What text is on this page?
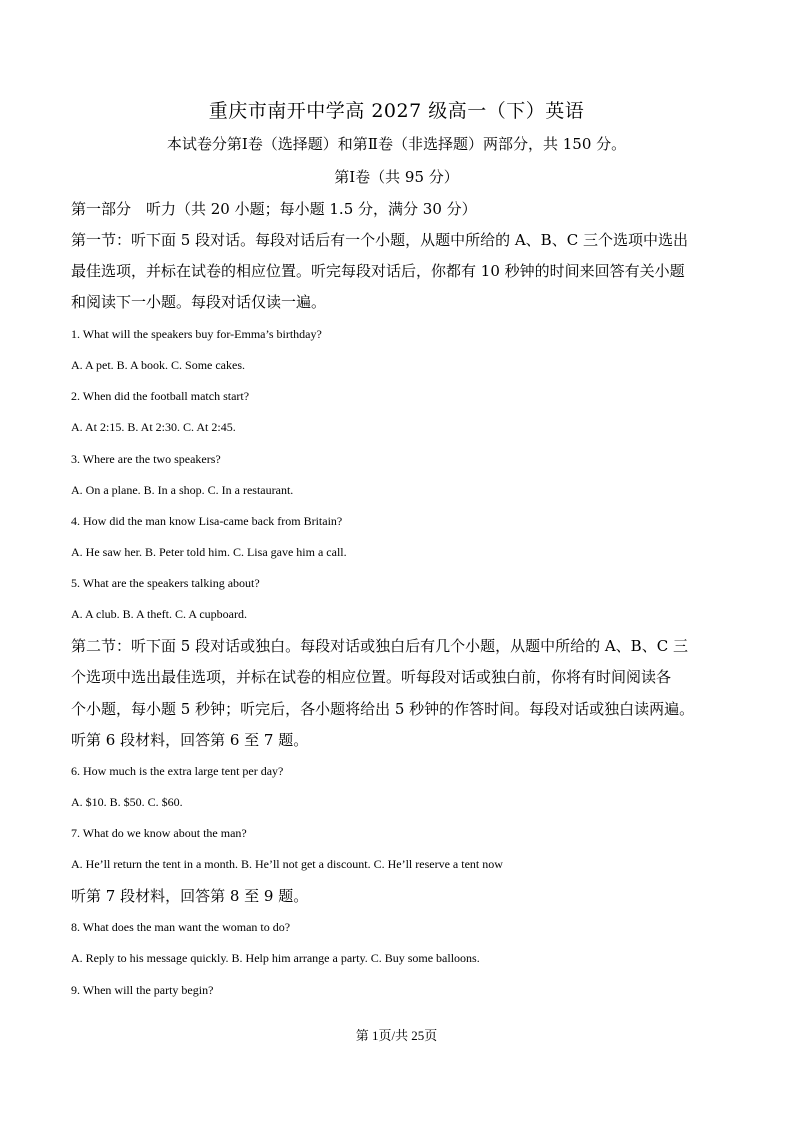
重庆市南开中学高 2027 级高一（下）英语
本试卷分第Ⅰ卷（选择题）和第Ⅱ卷（非选择题）两部分，共 150 分。
第Ⅰ卷（共 95 分）
第一部分　听力（共 20 小题；每小题 1.5 分，满分 30 分）
第一节：听下面 5 段对话。每段对话后有一个小题，从题中所给的 A、B、C 三个选项中选出
最佳选项，并标在试卷的相应位置。听完每段对话后，你都有 10 秒钟的时间来回答有关小题
和阅读下一小题。每段对话仅读一遍。
1. What will the speakers buy for-Emma’s birthday?
A. A pet. B. A book. C. Some cakes.
2. When did the football match start?
A. At 2:15. B. At 2:30. C. At 2:45.
3. Where are the two speakers?
A. On a plane. B. In a shop. C. In a restaurant.
4. How did the man know Lisa-came back from Britain?
A. He saw her. B. Peter told him. C. Lisa gave him a call.
5. What are the speakers talking about?
A. A club. B. A theft. C. A cupboard.
第二节：听下面 5 段对话或独白。每段对话或独白后有几个小题，从题中所给的 A、B、C 三
个选项中选出最佳选项，并标在试卷的相应位置。听每段对话或独白前，你将有时间阅读各
个小题，每小题 5 秒钟；听完后，各小题将给出 5 秒钟的作答时间。每段对话或独白读两遍。
听第 6 段材料，回答第 6 至 7 题。
6. How much is the extra large tent per day?
A. $10. B. $50. C. $60.
7. What do we know about the man?
A. He’ll return the tent in a month. B. He’ll not get a discount. C. He’ll reserve a tent now
听第 7 段材料，回答第 8 至 9 题。
8. What does the man want the woman to do?
A. Reply to his message quickly. B. Help him arrange a party. C. Buy some balloons.
9. When will the party begin?
第 1页/共 25页
